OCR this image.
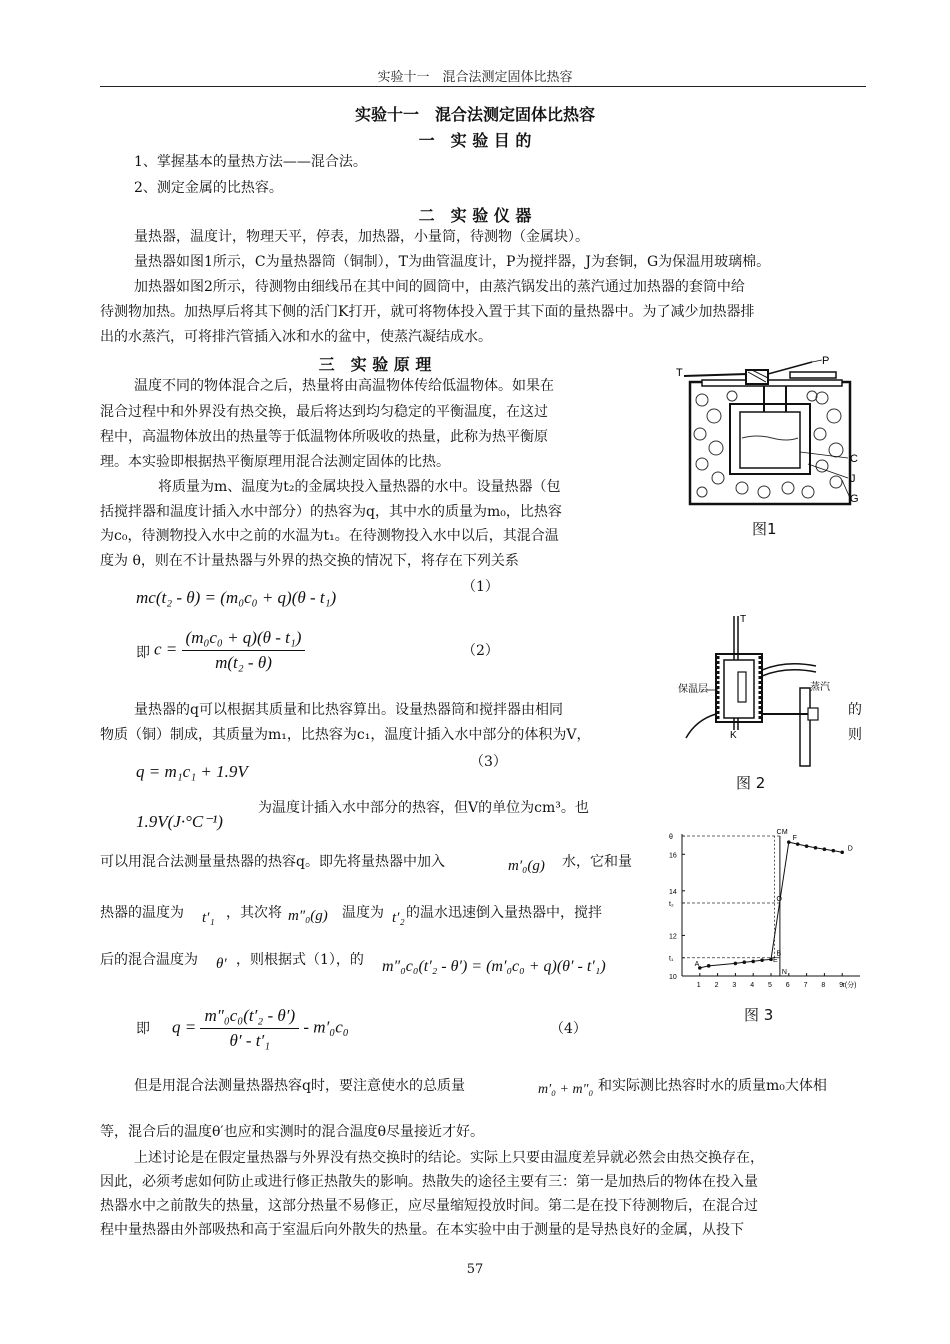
实验十一　混合法测定固体比热容
实验十一　混合法测定固体比热容
一　实 验 目 的
1、掌握基本的量热方法——混合法。
2、测定金属的比热容。
二　实 验 仪 器
量热器，温度计，物理天平，停表，加热器，小量筒，待测物（金属块）。
量热器如图1所示，C为量热器筒（铜制），T为曲管温度计，P为搅拌器，J为套铜，G为保温用玻璃棉。
加热器如图2所示，待测物由细线吊在其中间的圆筒中，由蒸汽锅发出的蒸汽通过加热器的套筒中给
待测物加热。加热厚后将其下侧的活门K打开，就可将物体投入置于其下面的量热器中。为了减少加热器排
出的水蒸汽，可将排汽管插入冰和水的盆中，使蒸汽凝结成水。
三　实 验 原 理
温度不同的物体混合之后，热量将由高温物体传给低温物体。如果在
混合过程中和外界没有热交换，最后将达到均匀稳定的平衡温度，在这过
程中，高温物体放出的热量等于低温物体所吸收的热量，此称为热平衡原
理。本实验即根据热平衡原理用混合法测定固体的比热。
将质量为m、温度为t₂的金属块投入量热器的水中。设量热器（包
括搅拌器和温度计插入水中部分）的热容为q，其中水的质量为m₀，比热容
为c₀，待测物投入水中之前的水温为t₁。在待测物投入水中以后，其混合温
度为 θ，则在不计量热器与外界的热交换的情况下，将存在下列关系
mc(t₂ - θ) = (m₀c₀ + q)(θ - t₁)
（1）
即 $c = \frac{\text{(m₀c₀ + q)(θ - t₁)}}{\text{m(t₂ - θ)}}$	（2）
量热器的q可以根据其质量和比热容算出。设量热器筒和搅拌器由相同	的
物质（铜）制成，其质量为m₁，比热容为c₁，温度计插入水中部分的体积为V，	则
q = m₁c₁ + 1.9V	（3）
1.9V(J·°C⁻¹)
为温度计插入水中部分的热容，但V的单位为cm³。也
可以用混合法测量量热器的热容q。即先将量热器中加入	m′₀(g) 水，它和量
热器的温度为 t′₁ ，其次将 m″₀(g) 温度为 t′₂ 的温水迅速倒入量热器中，搅拌
后的混合温度为 θ′ ，则根据式（1），的 m″₀c₀(t′₂ - θ′) = (m′₀c₀ + q)(θ′ - t′₁)
即 $q = \frac{\text{m″₀c₀(t′₂ - θ′)}}{\text{θ′ - t′₁}} - m'_0c_0$	（4）
但是用混合法测量热器热容q时，要注意使水的总质量	m′₀ + m″₀ 和实际测比热容时水的质量m₀大体相
等，混合后的温度θ′也应和实测时的混合温度θ尽量接近才好。
上述讨论是在假定量热器与外界没有热交换时的结论。实际上只要由温度差异就必然会由热交换存在，
因此，必须考虑如何防止或进行修正热散失的影响。热散失的途径主要有三：第一是加热后的物体在投入量
热器水中之前散失的热量，这部分热量不易修正，应尽量缩短投放时间。第二是在投下待测物后，在混合过
程中量热器由外部吸热和高于室温后向外散失的热量。在本实验中由于测量的是导热良好的金属，从投下
57
T
P
C
J
G
图1
T
保温层	蒸汽
K
图 2
1 2 3 4 5 6 7 8 9
τ(分)
10
t₁
12
t₂
14
16
θ
A
B
C M
O
E
F
D
N
图 3
